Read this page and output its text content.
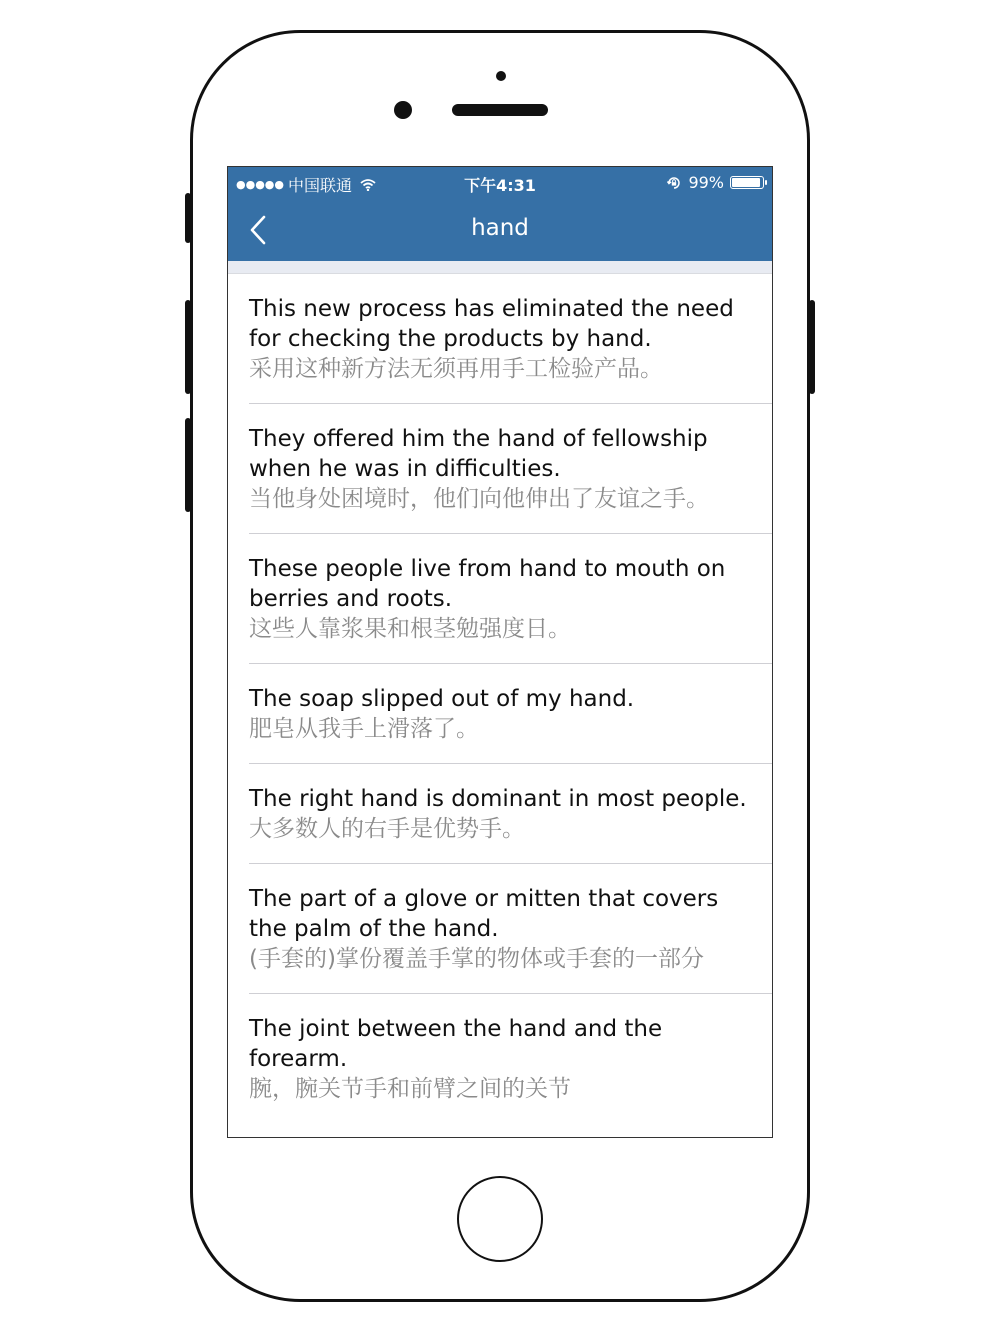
●●●●● 中国联通	下午4:31	99%
hand
This new process has eliminated the need for checking the products by hand.
采用这种新方法无须再用手工检验产品。
They offered him the hand of fellowship when he was in difficulties.
当他身处困境时，他们向他伸出了友谊之手。
These people live from hand to mouth on berries and roots.
这些人靠浆果和根茎勉强度日。
The soap slipped out of my hand.
肥皂从我手上滑落了。
The right hand is dominant in most people.
大多数人的右手是优势手。
The part of a glove or mitten that covers the palm of the hand.
(手套的)掌份覆盖手掌的物体或手套的一部分
The joint between the hand and the forearm.
腕，腕关节手和前臂之间的关节
